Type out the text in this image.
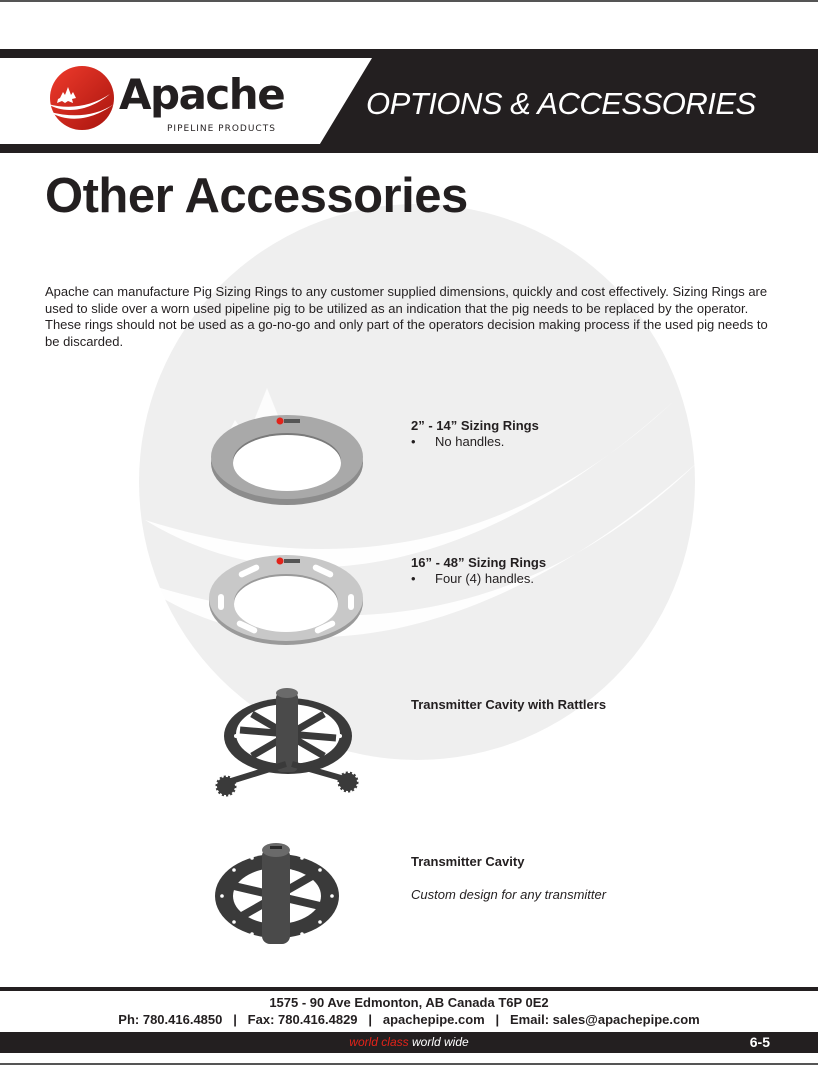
Apache
PIPELINE PRODUCTS
OPTIONS & ACCESSORIES
Other Accessories

Apache can manufacture Pig Sizing Rings to any customer supplied dimensions, quickly and cost effectively. Sizing Rings are used to slide over a worn used pipeline pig to be utilized as an indication that the pig needs to be replaced by the operator. These rings should not be used as a go-no-go and only part of the operators decision making process if the used pig needs to be discarded.

2” - 14” Sizing Rings
• No handles.
16” - 48” Sizing Rings
• Four (4) handles.
Transmitter Cavity with Rattlers
Transmitter Cavity
Custom design for any transmitter
1575 - 90 Ave Edmonton, AB Canada T6P 0E2
Ph: 780.416.4850   |   Fax: 780.416.4829   |   apachepipe.com   |   Email: sales@apachepipe.com
world class world wide	6-5
